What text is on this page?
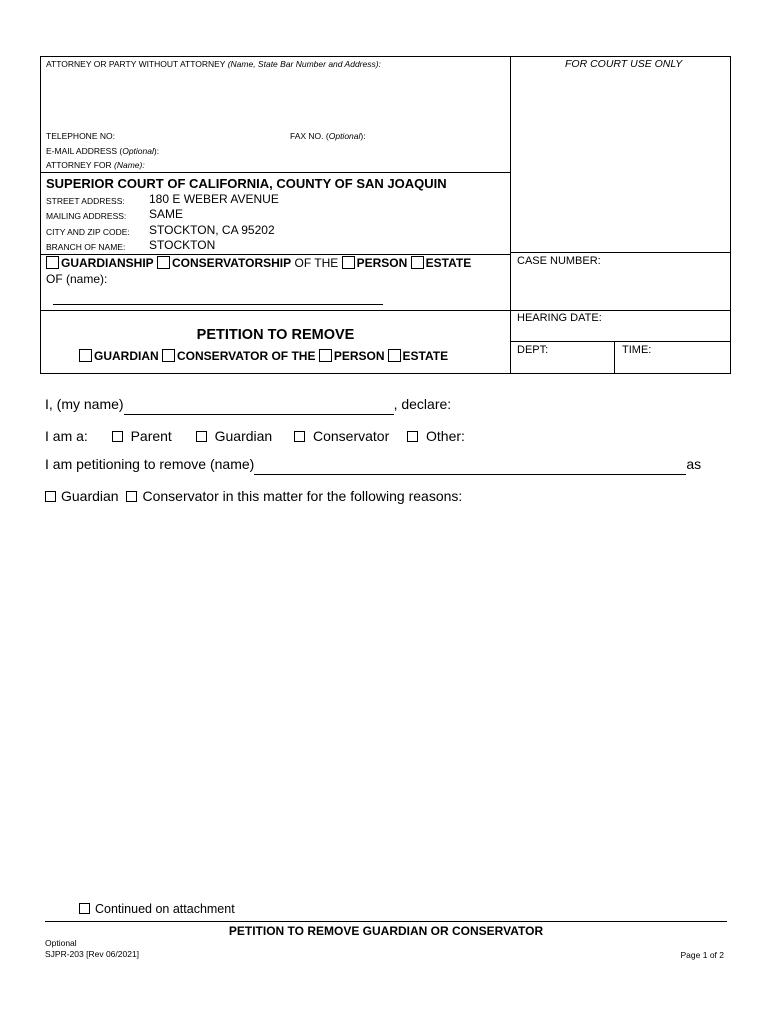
ATTORNEY OR PARTY WITHOUT ATTORNEY (Name, State Bar Number and Address):	FOR COURT USE ONLY
TELEPHONE NO:	FAX NO. (Optional):
E-MAIL ADDRESS (Optional):
ATTORNEY FOR (Name):
SUPERIOR COURT OF CALIFORNIA, COUNTY OF SAN JOAQUIN
STREET ADDRESS: 180 E WEBER AVENUE
MAILING ADDRESS: SAME
CITY AND ZIP CODE: STOCKTON, CA 95202
BRANCH OF NAME: STOCKTON
GUARDIANSHIP CONSERVATORSHIP OF THE PERSON ESTATE
OF (name):
CASE NUMBER:
HEARING DATE:
DEPT:	TIME:
PETITION TO REMOVE
GUARDIAN CONSERVATOR OF THE PERSON ESTATE
I, (my name)	, declare:
I am a:	Parent	Guardian	Conservator	Other:
I am petitioning to remove (name)	as
Guardian Conservator in this matter for the following reasons:
Continued on attachment
PETITION TO REMOVE GUARDIAN OR CONSERVATOR
Optional
SJPR-203 [Rev 06/2021]	Page 1 of 2
